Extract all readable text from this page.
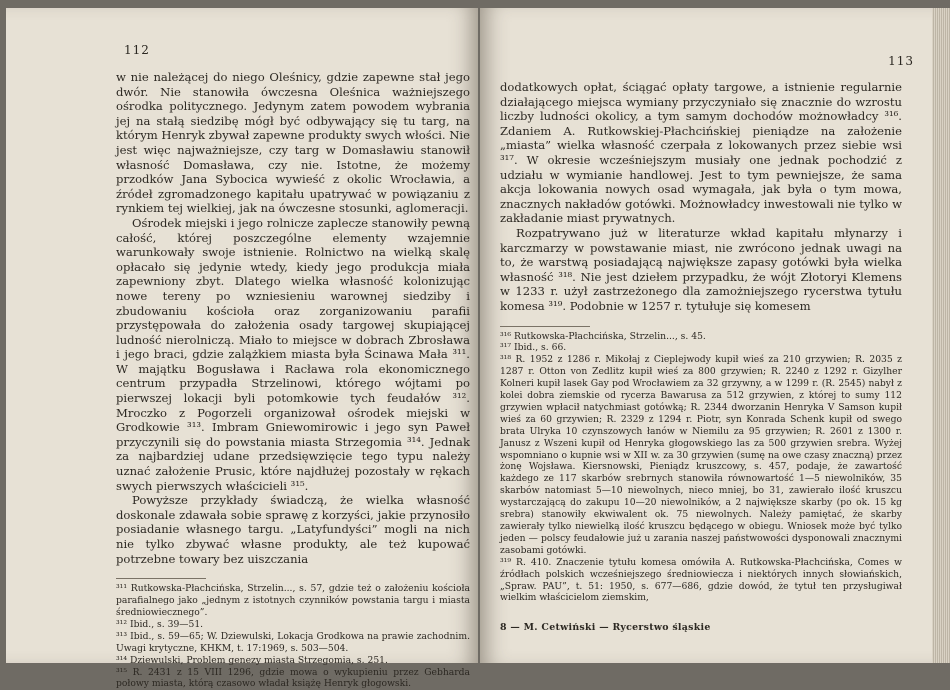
112

w nie należącej do niego Oleśnicy, gdzie zapewne stał jego dwór. Nie stanowiła ówczesna Oleśnica ważniejszego ośrodka politycznego. Jedynym zatem powodem wybrania jej na stałą siedzibę mógł być odbywający się tu targ, na którym Henryk zbywał zapewne produkty swych włości. Nie jest więc najważniejsze, czy targ w Domasławiu stanowił własność Domasława, czy nie. Istotne, że możemy przodków Jana Sybocica wywieść z okolic Wrocławia, a źródeł zgromadzonego kapitału upatrywać w powiązaniu z rynkiem tej wielkiej, jak na ówczesne stosunki, aglomeracji.

Ośrodek miejski i jego rolnicze zaplecze stanowiły pewną całość, której poszczególne elementy wzajemnie warunkowały swoje istnienie. Rolnictwo na wielką skalę opłacało się jedynie wtedy, kiedy jego produkcja miała zapewniony zbyt. Dlatego wielka własność kolonizując nowe tereny po wzniesieniu warownej siedziby i zbudowaniu kościoła oraz zorganizowaniu parafii przystępowała do założenia osady targowej skupiającej ludność nierolniczą. Miało to miejsce w dobrach Zbrosława i jego braci, gdzie zalążkiem miasta była Ścinawa Mała ³¹¹. W majątku Bogusława i Racława rola ekonomicznego centrum przypadła Strzelinowi, którego wójtami po pierwszej lokacji byli potomkowie tych feudałów ³¹². Mroczko z Pogorzeli organizował ośrodek miejski w Grodkowie ³¹³. Imbram Gniewomirowic i jego syn Paweł przyczynili się do powstania miasta Strzegomia ³¹⁴. Jednak za najbardziej udane przedsięwzięcie tego typu należy uznać założenie Prusic, które najdłużej pozostały w rękach swych pierwszych właścicieli ³¹⁵.

Powyższe przykłady świadczą, że wielka własność doskonale zdawała sobie sprawę z korzyści, jakie przynosiło posiadanie własnego targu. „Latyfundyści” mogli na nich nie tylko zbywać własne produkty, ale też kupować potrzebne towary bez uiszczania

³¹¹ Rutkowska-Płachcińska, Strzelin..., s. 57, gdzie też o założeniu kościoła parafialnego jako „jednym z istotnych czynników powstania targu i miasta średniowiecznego”.

³¹² Ibid., s. 39—51.

³¹³ Ibid., s. 59—65; W. Dziewulski, Lokacja Grodkowa na prawie zachodnim. Uwagi krytyczne, KHKM, t. 17:1969, s. 503—504.

³¹⁴ Dziewulski, Problem genezy miasta Strzegomia, s. 251.

³¹⁵ R. 2431 z 15 VIII 1296, gdzie mowa o wykupieniu przez Gebharda połowy miasta, którą czasowo władał książę Henryk głogowski.

113

dodatkowych opłat, ściągać opłaty targowe, a istnienie regularnie działającego miejsca wymiany przyczyniało się znacznie do wzrostu liczby ludności okolicy, a tym samym dochodów możnowładcy ³¹⁶. Zdaniem A. Rutkowskiej-Płachcińskiej pieniądze na założenie „miasta” wielka własność czerpała z lokowanych przez siebie wsi ³¹⁷. W okresie wcześniejszym musiały one jednak pochodzić z udziału w wymianie handlowej. Jest to tym pewniejsze, że sama akcja lokowania nowych osad wymagała, jak była o tym mowa, znacznych nakładów gotówki. Możnowładcy inwestowali nie tylko w zakładanie miast prywatnych.

Rozpatrywano już w literaturze wkład kapitału młynarzy i karczmarzy w powstawanie miast, nie zwrócono jednak uwagi na to, że warstwą posiadającą największe zapasy gotówki była wielka własność ³¹⁸. Nie jest dziełem przypadku, że wójt Złotoryi Klemens w 1233 r. użył zastrzeżonego dla zamożniejszego rycerstwa tytułu komesa ³¹⁹. Podobnie w 1257 r. tytułuje się komesem

³¹⁶ Rutkowska-Płachcińska, Strzelin..., s. 45.

³¹⁷ Ibid., s. 66.

³¹⁸ R. 1952 z 1286 r. Mikołaj z Cieplejwody kupił wieś za 210 grzywien; R. 2035 z 1287 r. Otton von Zedlitz kupił wieś za 800 grzywien; R. 2240 z 1292 r. Gizylher Kolneri kupił lasek Gay pod Wrocławiem za 32 grzywny, a w 1299 r. (R. 2545) nabył z kolei dobra ziemskie od rycerza Bawarusa za 512 grzywien, z której to sumy 112 grzywien wpłacił natychmiast gotówką; R. 2344 dworzanin Henryka V Samson kupił wieś za 60 grzywien; R. 2329 z 1294 r. Piotr, syn Konrada Schenk kupił od swego brata Ulryka 10 czynszowych łanów w Niemilu za 95 grzywien; R. 2601 z 1300 r. Janusz z Wszeni kupił od Henryka głogowskiego las za 500 grzywien srebra. Wyżej wspomniano o kupnie wsi w XII w. za 30 grzywien (sumę na owe czasy znaczną) przez żonę Wojsława. Kiersnowski, Pieniądz kruszcowy, s. 457, podaje, że zawartość każdego ze 117 skarbów srebrnych stanowiła równowartość 1—5 niewolników, 35 skarbów natomiast 5—10 niewolnych, nieco mniej, bo 31, zawierało ilość kruszcu wystarczającą do zakupu 10—20 niewolników, a 2 największe skarby (po ok. 15 kg srebra) stanowiły ekwiwalent ok. 75 niewolnych. Należy pamiętać, że skarby zawierały tylko niewielką ilość kruszcu będącego w obiegu. Wniosek może być tylko jeden — polscy feudałowie już u zarania naszej państwowości dysponowali znacznymi zasobami gotówki.

³¹⁹ R. 410. Znaczenie tytułu komesa omówiła A. Rutkowska-Płachcińska, Comes w źródłach polskich wcześniejszego średniowiecza i niektórych innych słowiańskich, „Spraw. PAU”, t. 51: 1950, s. 677—686, gdzie dowód, że tytuł ten przysługiwał wielkim właścicielom ziemskim,

8 — M. Cetwiński — Rycerstwo śląskie
